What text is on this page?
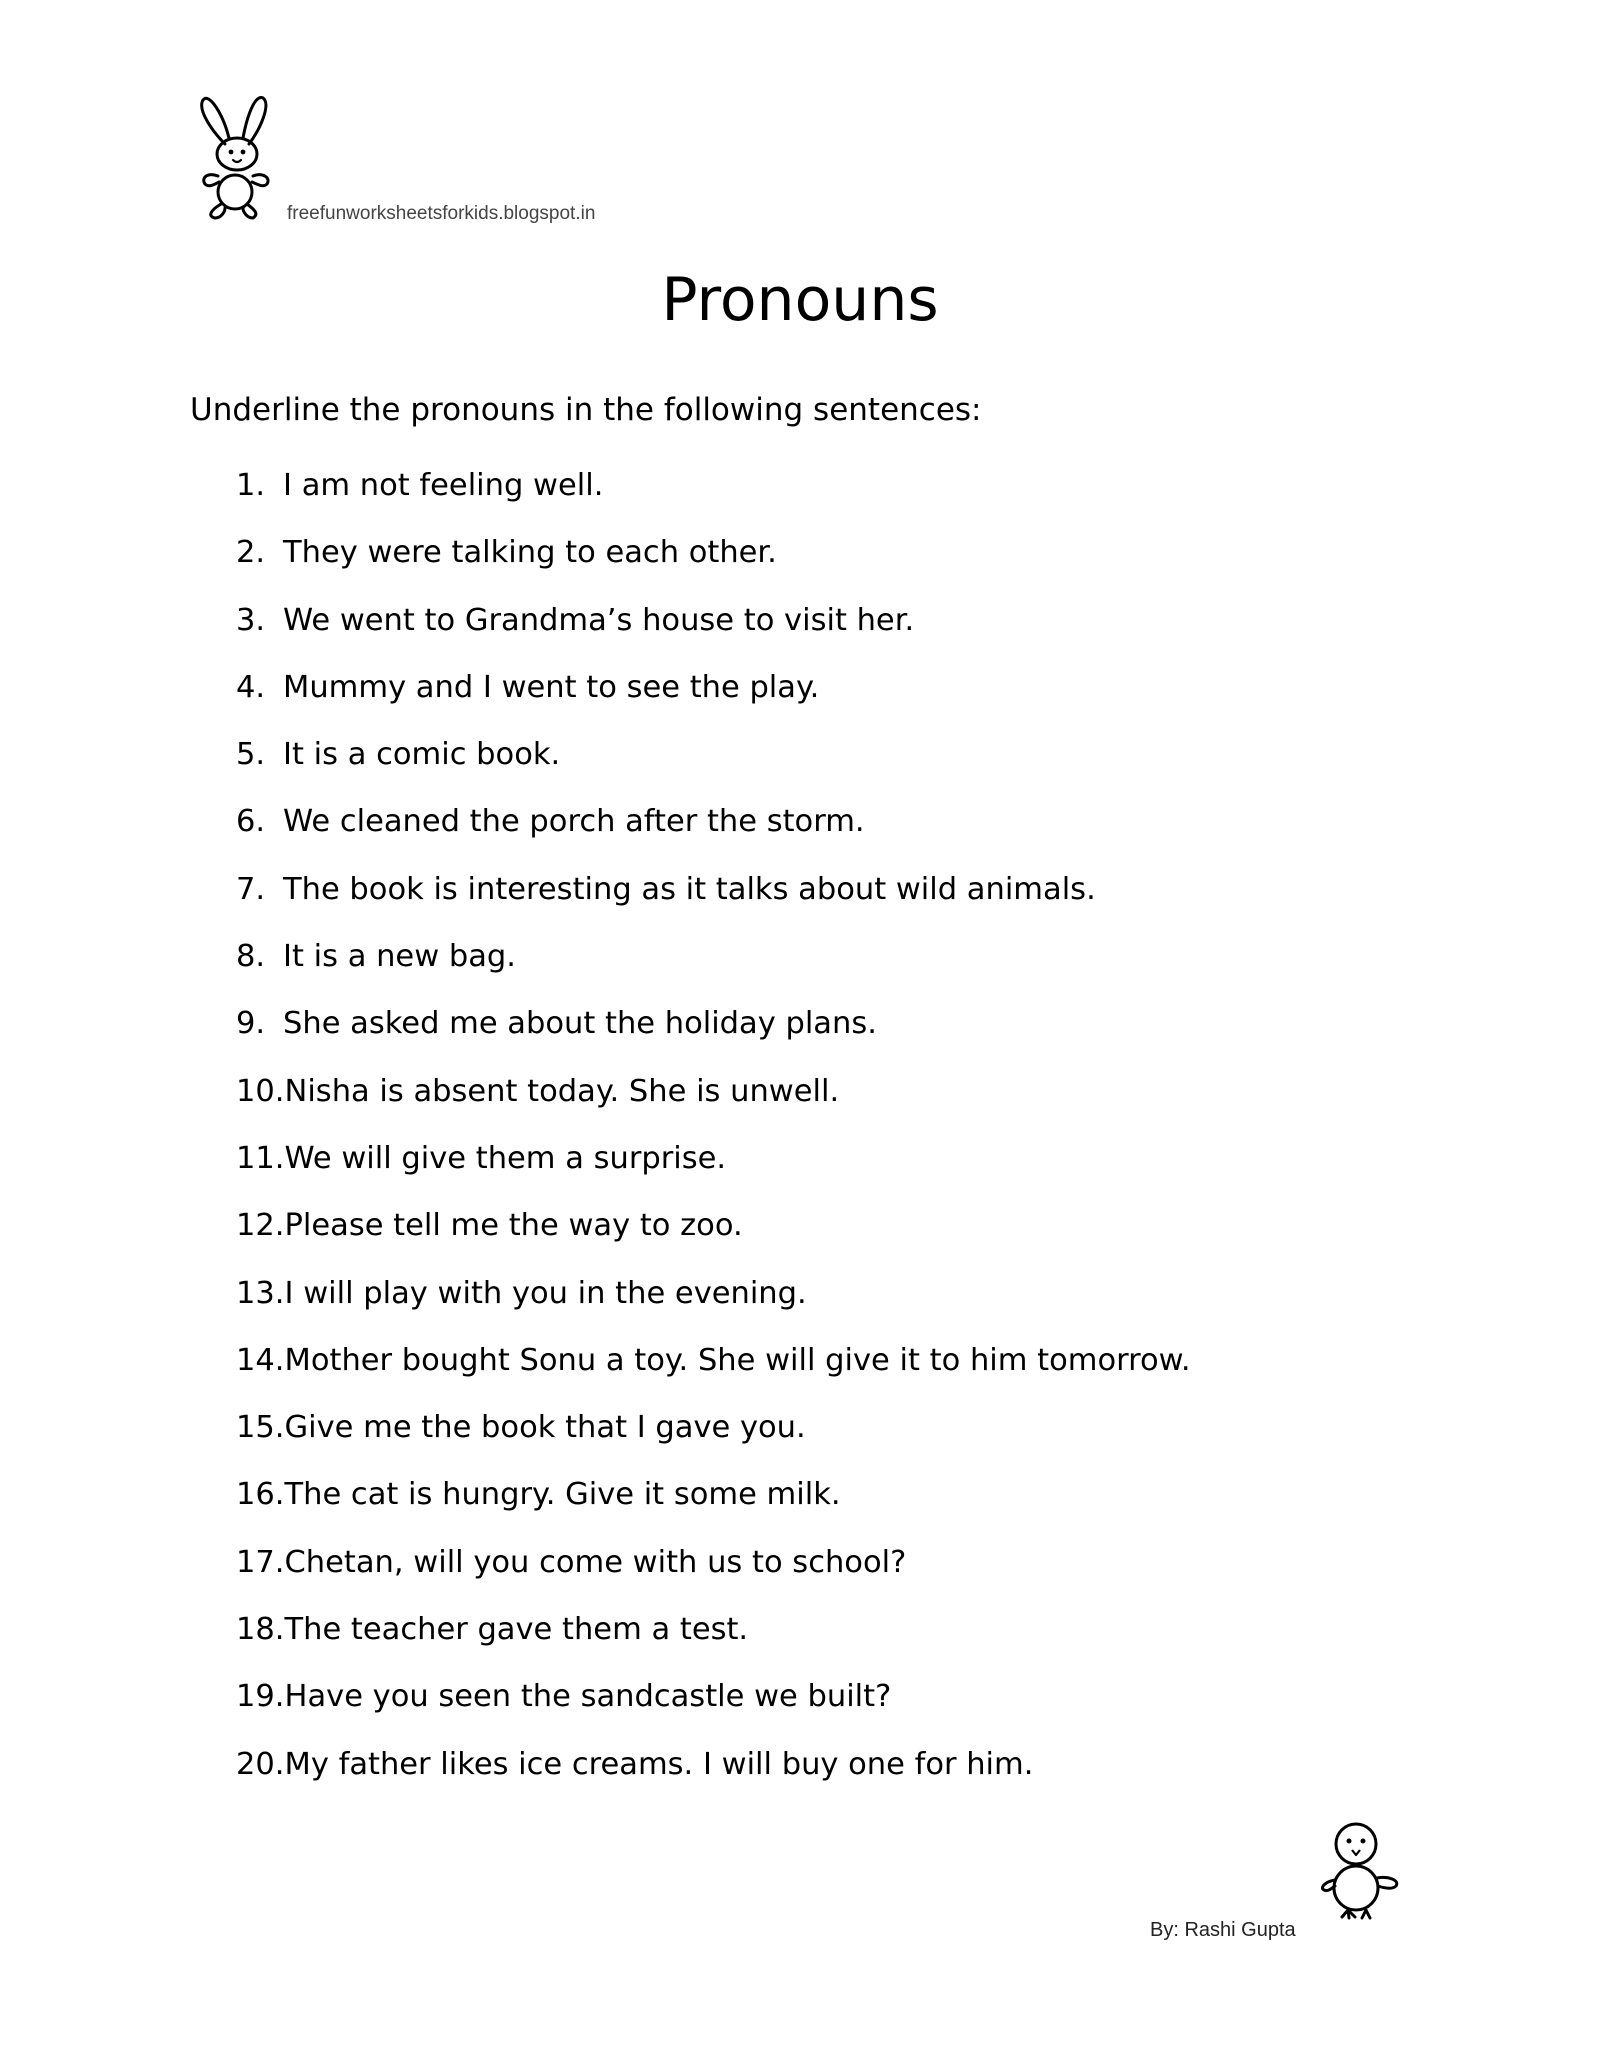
freefunworksheetsforkids.blogspot.in
Pronouns
Underline the pronouns in the following sentences:
1. I am not feeling well.
2. They were talking to each other.
3. We went to Grandma’s house to visit her.
4. Mummy and I went to see the play.
5. It is a comic book.
6. We cleaned the porch after the storm.
7. The book is interesting as it talks about wild animals.
8. It is a new bag.
9. She asked me about the holiday plans.
10. Nisha is absent today. She is unwell.
11. We will give them a surprise.
12. Please tell me the way to zoo.
13. I will play with you in the evening.
14. Mother bought Sonu a toy. She will give it to him tomorrow.
15. Give me the book that I gave you.
16. The cat is hungry. Give it some milk.
17. Chetan, will you come with us to school?
18. The teacher gave them a test.
19. Have you seen the sandcastle we built?
20. My father likes ice creams. I will buy one for him.
By: Rashi Gupta
